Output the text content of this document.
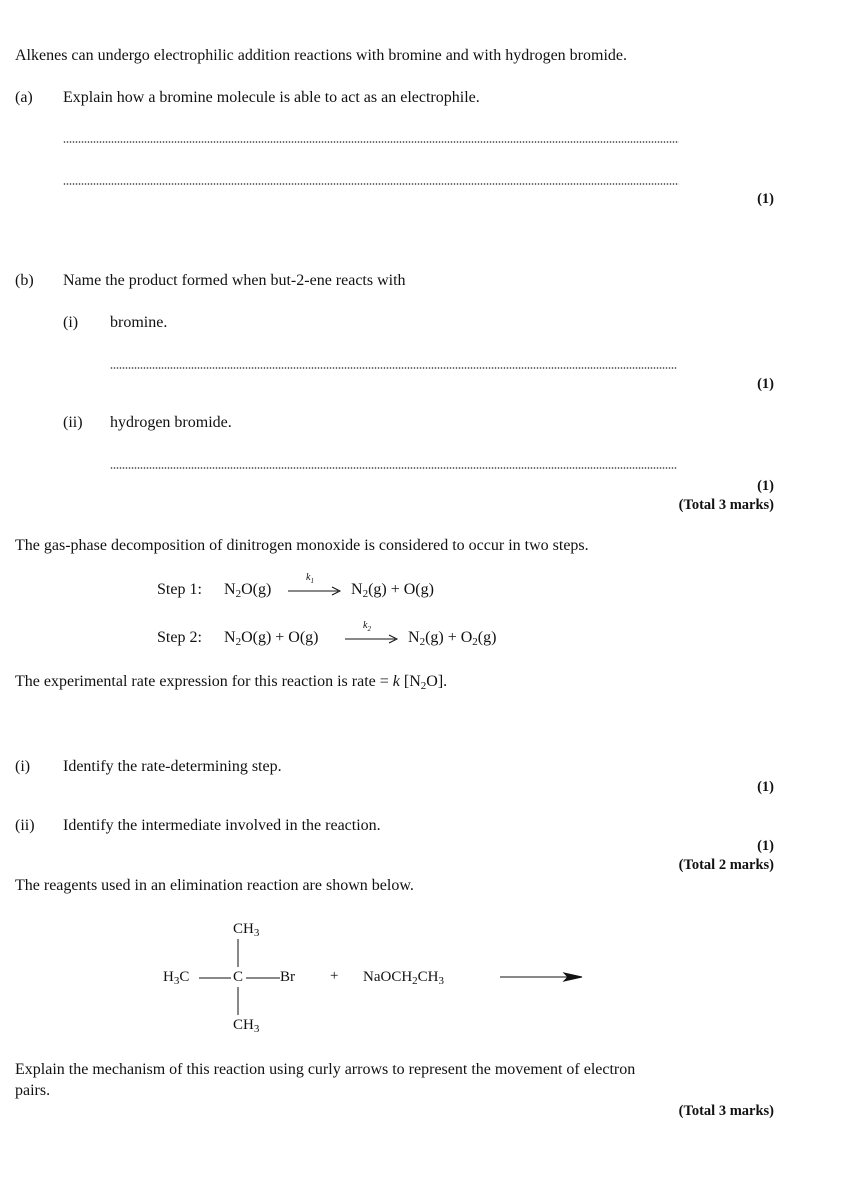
Alkenes can undergo electrophilic addition reactions with bromine and with hydrogen bromide.
(a) Explain how a bromine molecule is able to act as an electrophile.
(1)
(b) Name the product formed when but-2-ene reacts with
(i) bromine.
(1)
(ii) hydrogen bromide.
(1)
(Total 3 marks)
The gas-phase decomposition of dinitrogen monoxide is considered to occur in two steps.
Step 1: $N_2O(g)$
$k_1$ $N_2(g) + O(g)$
Step 2: $N_2O(g) + O(g)$
$k_2$ $N_2(g) + O_2(g)$
The experimental rate expression for this reaction is rate = k $[N_2O]$.
(i) Identify the rate-determining step.
(1)
(ii) Identify the intermediate involved in the reaction.
(1)
(Total 2 marks)
The reagents used in an elimination reaction are shown below.
$CH_3$
$H_3C$	C Br
$CH_3$
+ $NaOCH_2CH_3$
Explain the mechanism of this reaction using curly arrows to represent the movement of electron
pairs.
(Total 3 marks)
